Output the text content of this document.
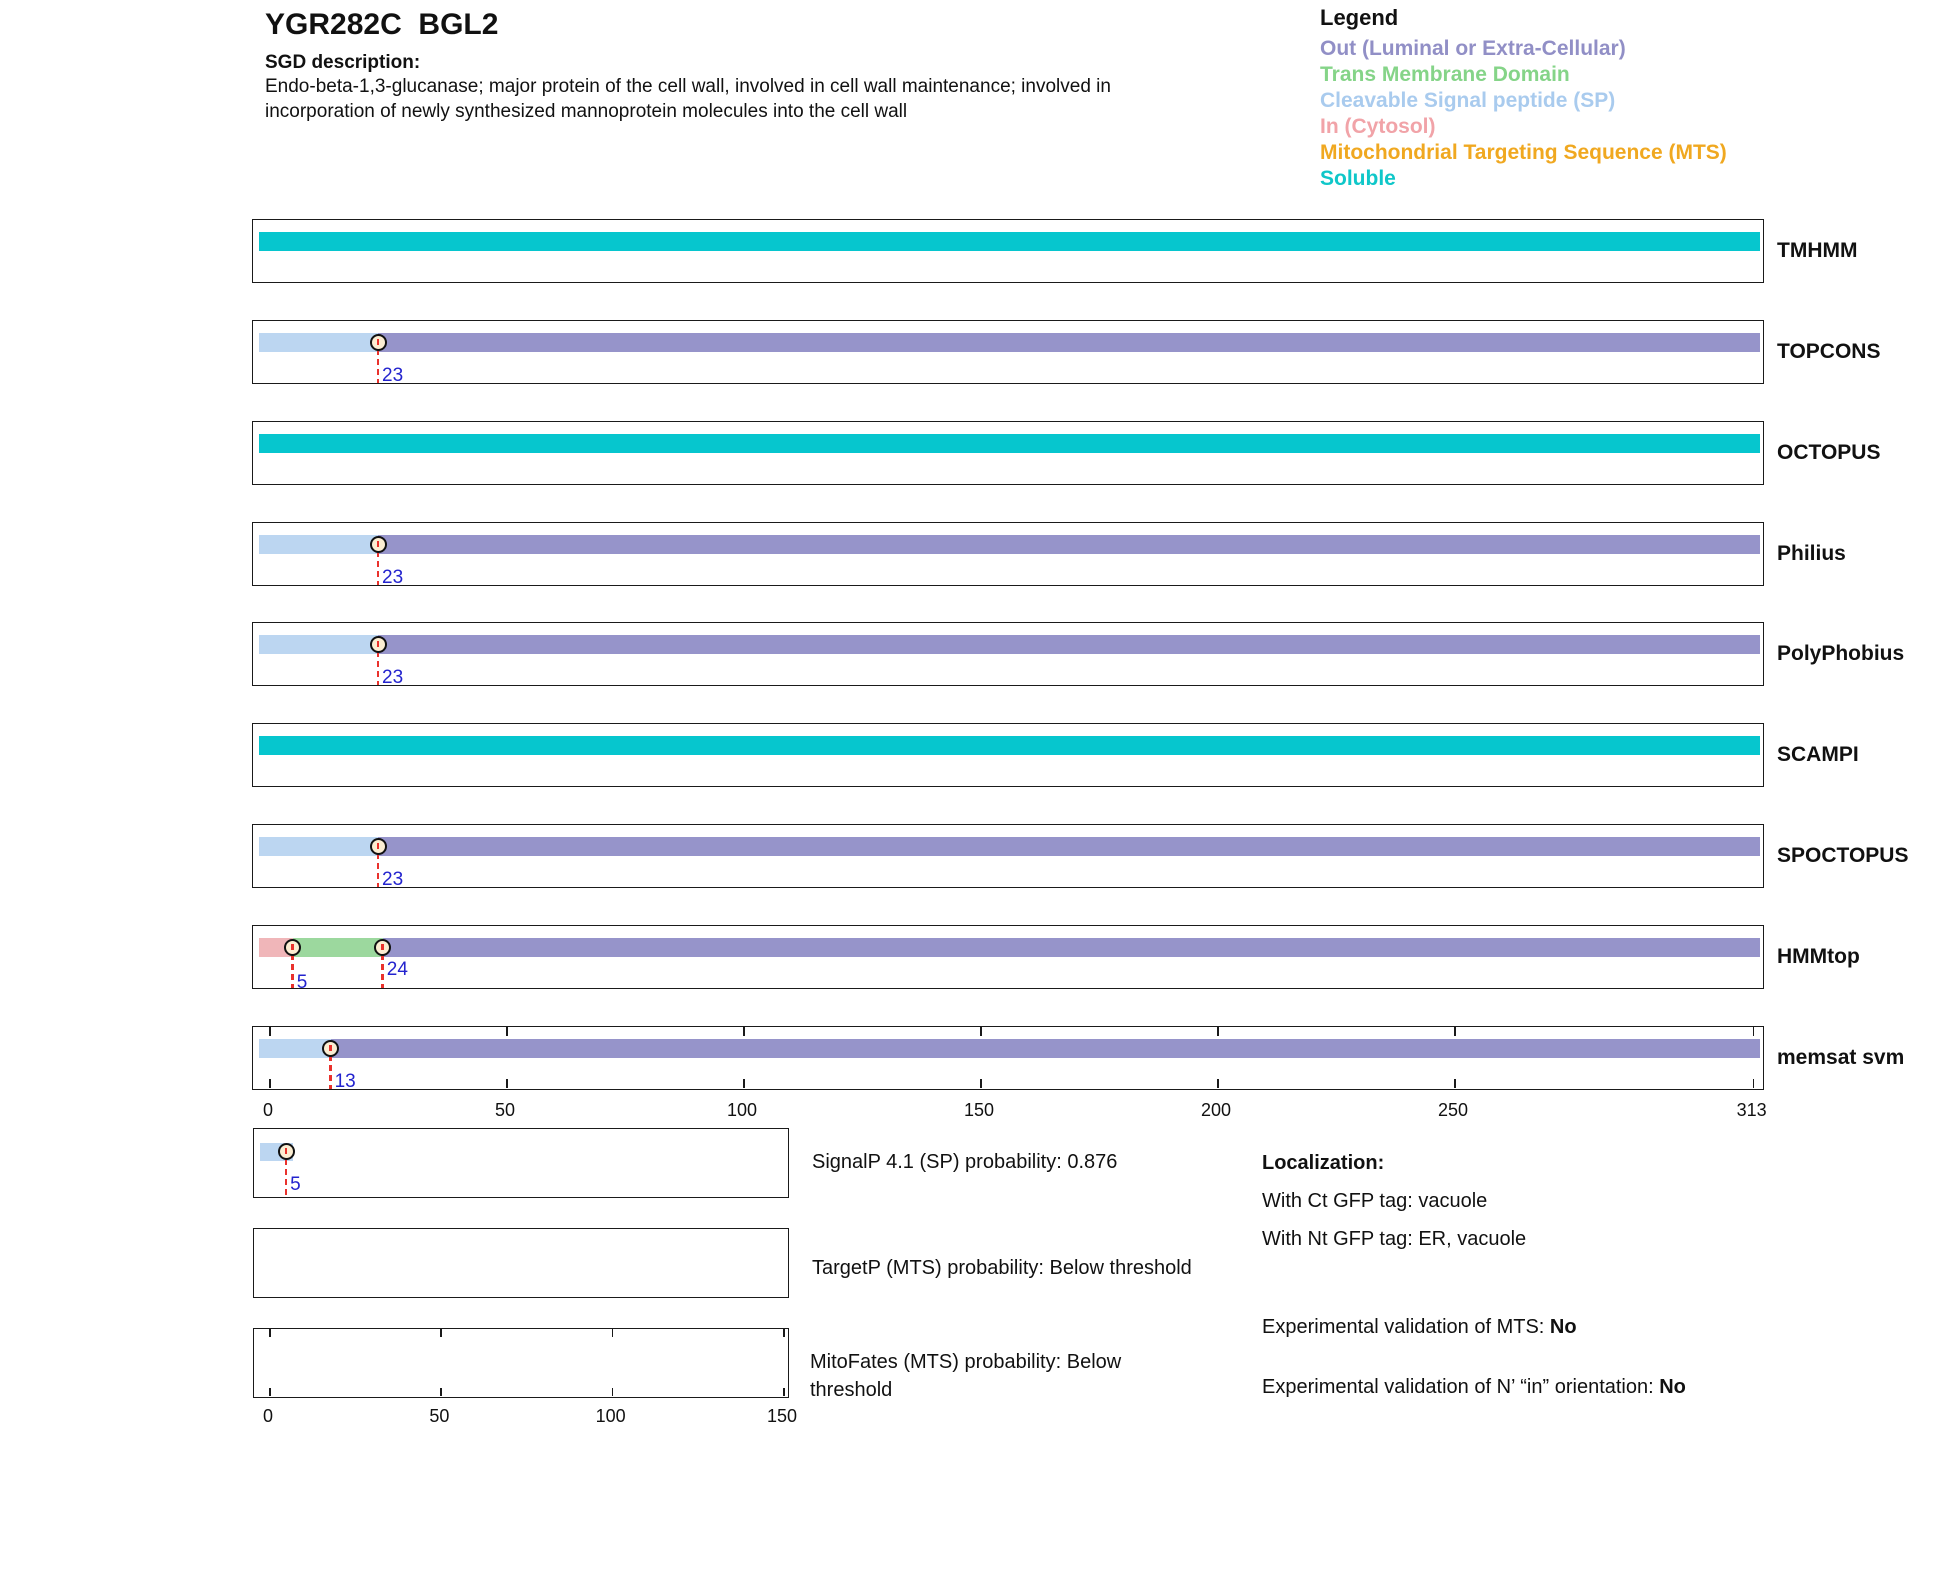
YGR282C  BGL2
SGD description:
Endo-beta-1,3-glucanase; major protein of the cell wall, involved in cell wall maintenance; involved in
incorporation of newly synthesized mannoprotein molecules into the cell wall
Legend
Out (Luminal or Extra-Cellular)
Trans Membrane Domain
Cleavable Signal peptide (SP)
In (Cytosol)
Mitochondrial Targeting Sequence (MTS)
Soluble
TMHMM
23
TOPCONS
OCTOPUS
23
Philius
23
PolyPhobius
SCAMPI
23
SPOCTOPUS
5
24
HMMtop
13
memsat svm
0	50	100	150	200	250	313
5
SignalP 4.1 (SP) probability: 0.876
TargetP (MTS) probability: Below threshold
MitoFates (MTS) probability: Below threshold
0	50	100	150
Localization:
With Ct GFP tag: vacuole
With Nt GFP tag: ER, vacuole
Experimental validation of MTS: No
Experimental validation of N’ “in” orientation: No
